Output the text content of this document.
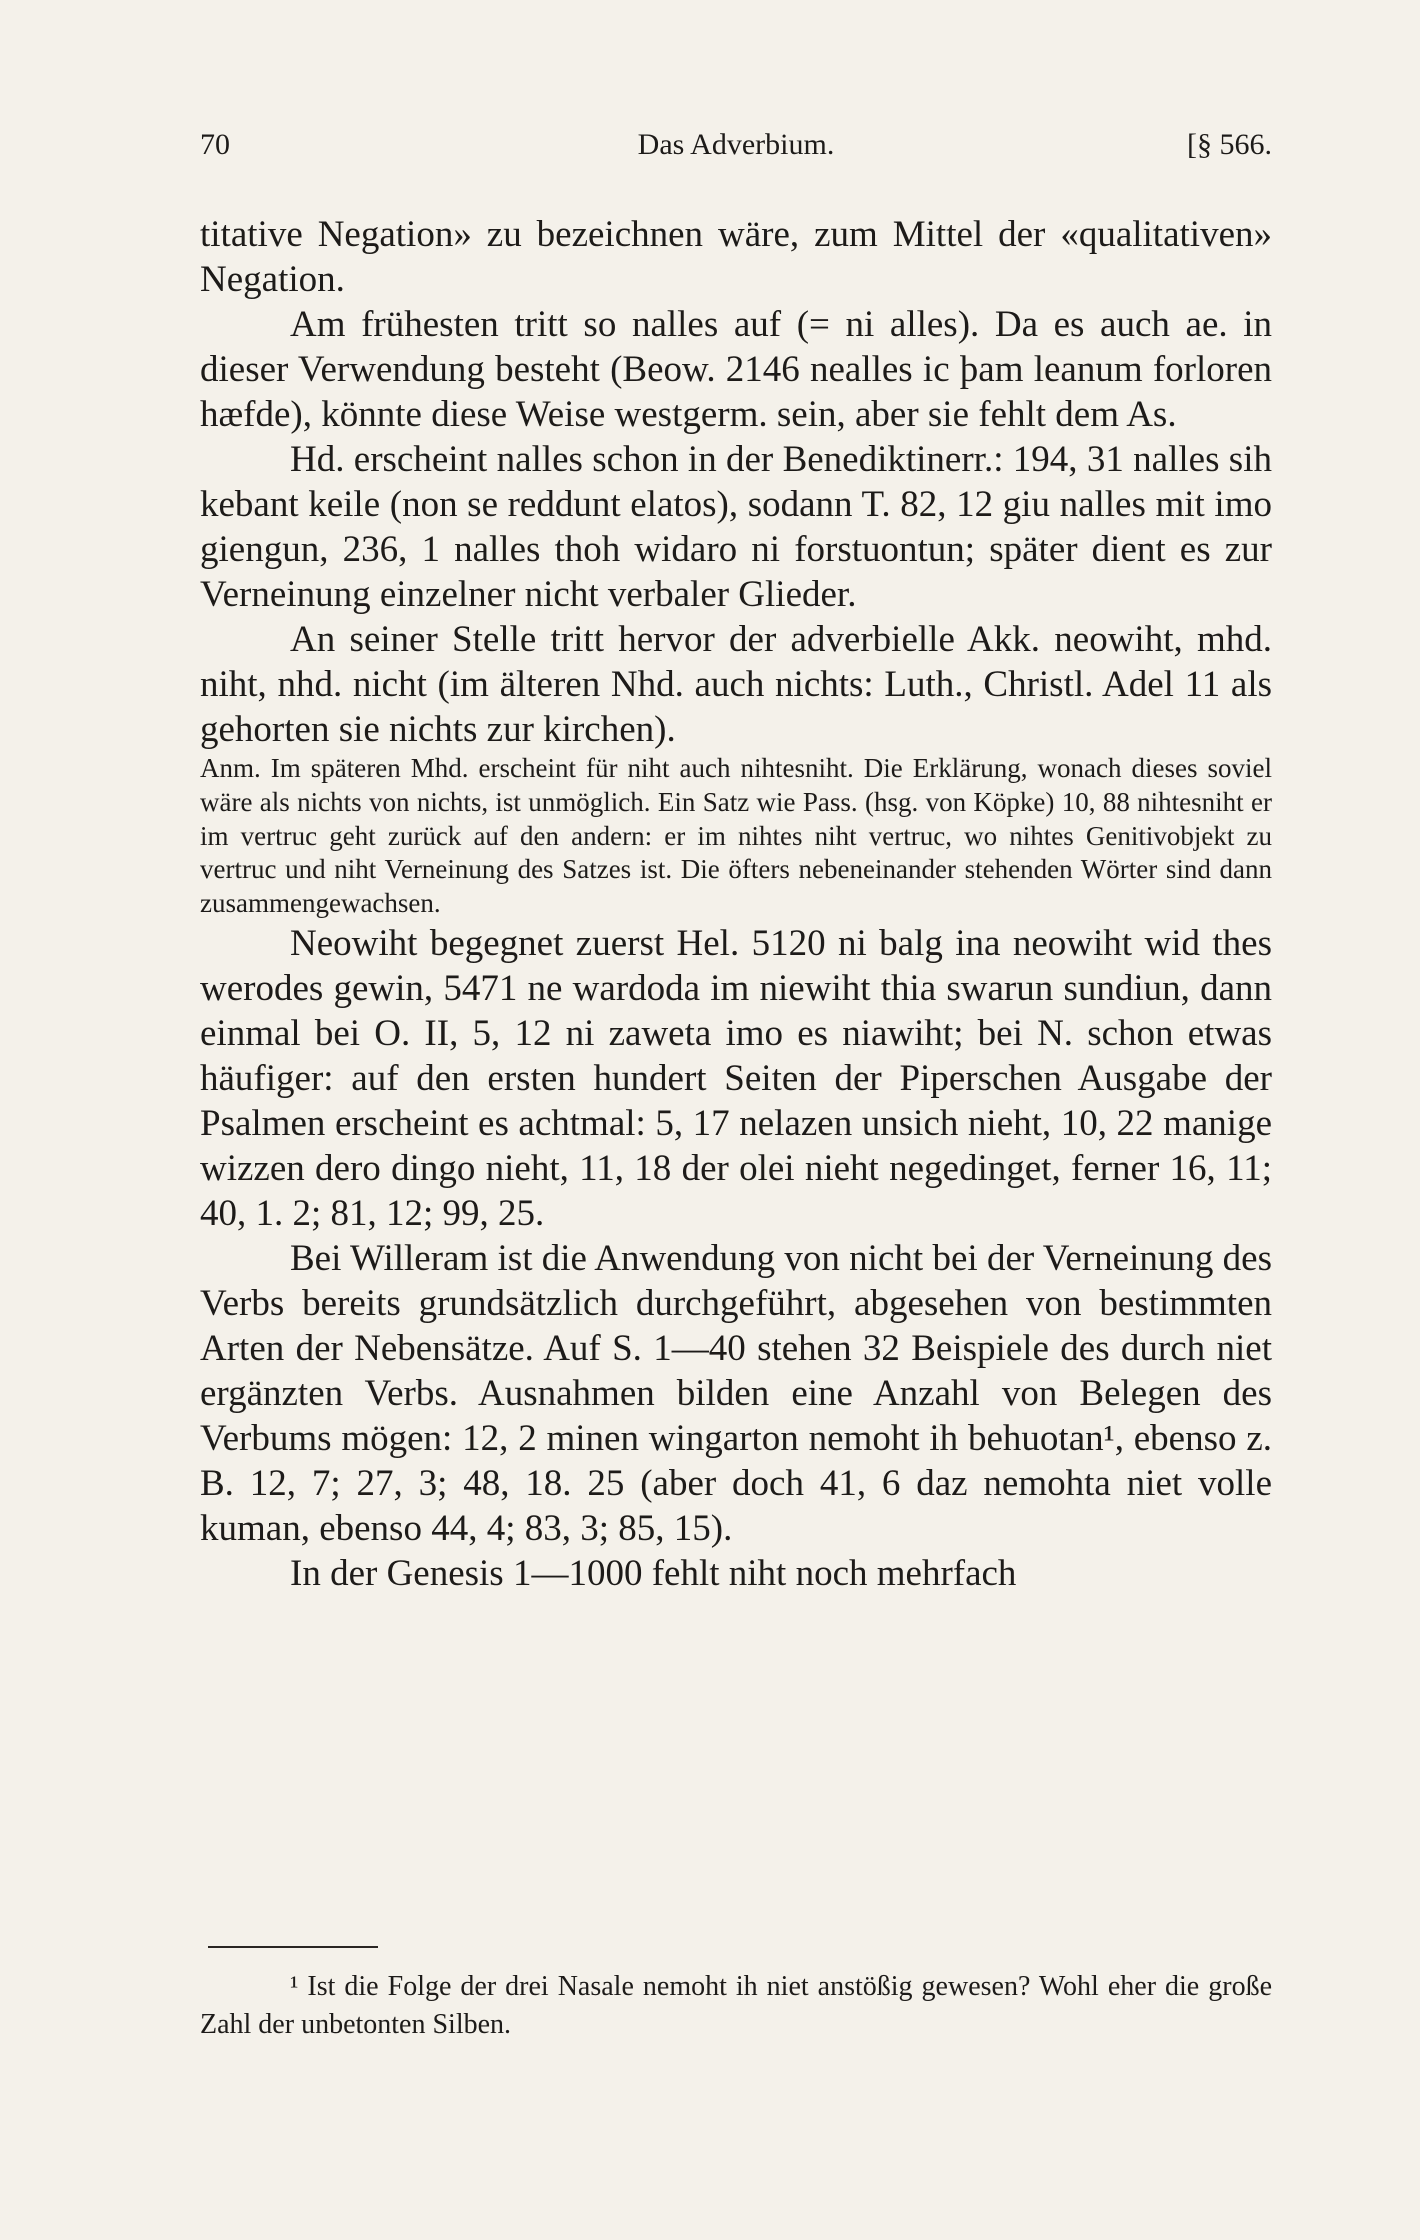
70	Das Adverbium.	[§ 566.

titative Negation» zu bezeichnen wäre, zum Mittel der «qualitativen» Negation.

Am frühesten tritt so nalles auf (= ni alles). Da es auch ae. in dieser Verwendung besteht (Beow. 2146 nealles ic þam leanum forloren hæfde), könnte diese Weise westgerm. sein, aber sie fehlt dem As.

Hd. erscheint nalles schon in der Benediktinerr.: 194, 31 nalles sih kebant keile (non se reddunt elatos), sodann T. 82, 12 giu nalles mit imo giengun, 236, 1 nalles thoh widaro ni forstuontun; später dient es zur Verneinung einzelner nicht verbaler Glieder.

An seiner Stelle tritt hervor der adverbielle Akk. neowiht, mhd. niht, nhd. nicht (im älteren Nhd. auch nichts: Luth., Christl. Adel 11 als gehorten sie nichts zur kirchen).

Anm. Im späteren Mhd. erscheint für niht auch nihtesniht. Die Erklärung, wonach dieses soviel wäre als nichts von nichts, ist unmöglich. Ein Satz wie Pass. (hsg. von Köpke) 10, 88 nihtesniht er im vertruc geht zurück auf den andern: er im nihtes niht vertruc, wo nihtes Genitivobjekt zu vertruc und niht Verneinung des Satzes ist. Die öfters nebeneinander stehenden Wörter sind dann zusammengewachsen.

Neowiht begegnet zuerst Hel. 5120 ni balg ina neowiht wid thes werodes gewin, 5471 ne wardoda im niewiht thia swarun sundiun, dann einmal bei O. II, 5, 12 ni zaweta imo es niawiht; bei N. schon etwas häufiger: auf den ersten hundert Seiten der Piperschen Ausgabe der Psalmen erscheint es achtmal: 5, 17 nelazen unsich nieht, 10, 22 manige wizzen dero dingo nieht, 11, 18 der olei nieht negedinget, ferner 16, 11; 40, 1. 2; 81, 12; 99, 25.

Bei Willeram ist die Anwendung von nicht bei der Verneinung des Verbs bereits grundsätzlich durchgeführt, abgesehen von bestimmten Arten der Nebensätze. Auf S. 1—40 stehen 32 Beispiele des durch niet ergänzten Verbs. Ausnahmen bilden eine Anzahl von Belegen des Verbums mögen: 12, 2 minen wingarton nemoht ih behuotan¹, ebenso z. B. 12, 7; 27, 3; 48, 18. 25 (aber doch 41, 6 daz nemohta niet volle kuman, ebenso 44, 4; 83, 3; 85, 15).

In der Genesis 1—1000 fehlt niht noch mehrfach

¹ Ist die Folge der drei Nasale nemoht ih niet anstößig gewesen? Wohl eher die große Zahl der unbetonten Silben.
